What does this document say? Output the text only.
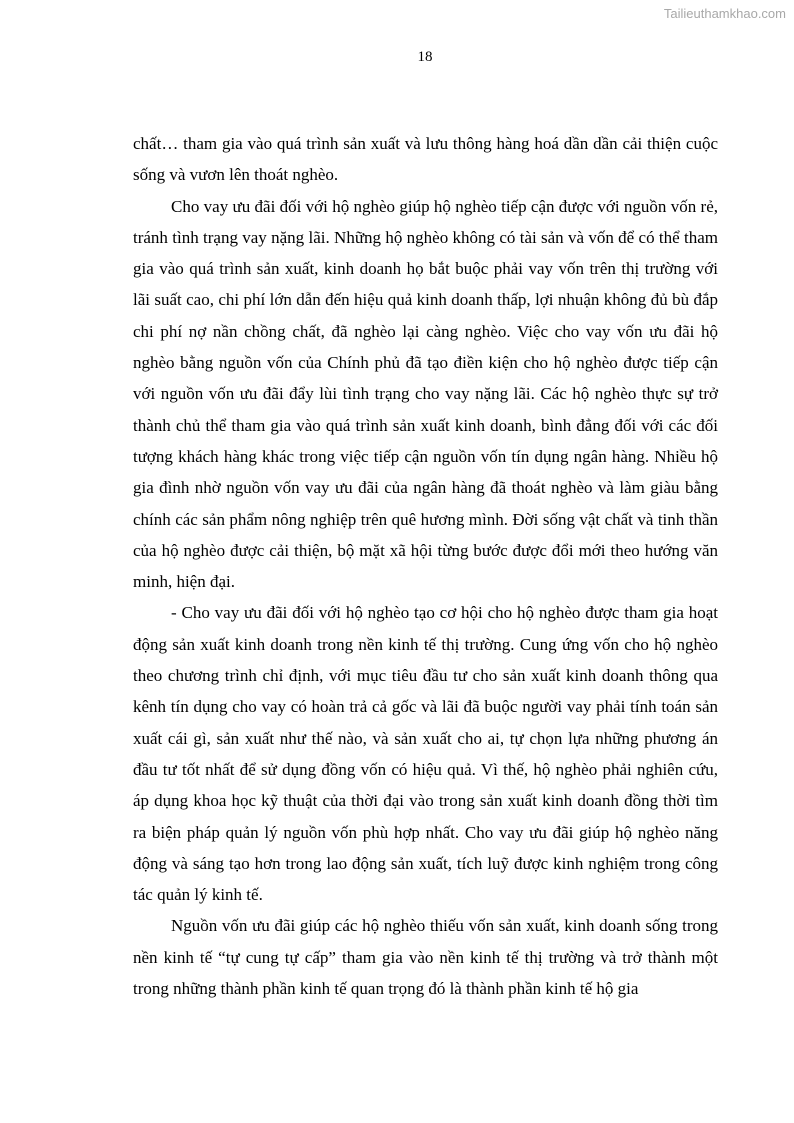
Tailieuthamkhao.com
18

chất… tham gia vào quá trình sản xuất và lưu thông hàng hoá dần dần cải thiện cuộc sống và vươn lên thoát nghèo.

Cho vay ưu đãi đối với hộ nghèo giúp hộ nghèo tiếp cận được với nguồn vốn rẻ, tránh tình trạng vay nặng lãi. Những hộ nghèo không có tài sản và vốn để có thể tham gia vào quá trình sản xuất, kinh doanh họ bắt buộc phải vay vốn trên thị trường với lãi suất cao, chi phí lớn dẫn đến hiệu quả kinh doanh thấp, lợi nhuận không đủ bù đắp chi phí nợ nần chồng chất, đã nghèo lại càng nghèo. Việc cho vay vốn ưu đãi hộ nghèo bằng nguồn vốn của Chính phủ đã tạo điền kiện cho hộ nghèo được tiếp cận với nguồn vốn ưu đãi đẩy lùi tình trạng cho vay nặng lãi. Các hộ nghèo thực sự trở thành chủ thể tham gia vào quá trình sản xuất kinh doanh, bình đẳng đối với các đối tượng khách hàng khác trong việc tiếp cận nguồn vốn tín dụng ngân hàng. Nhiều hộ gia đình nhờ nguồn vốn vay ưu đãi của ngân hàng đã thoát nghèo và làm giàu bằng chính các sản phẩm nông nghiệp trên quê hương mình. Đời sống vật chất và tinh thần của hộ nghèo được cải thiện, bộ mặt xã hội từng bước được đổi mới theo hướng văn minh, hiện đại.

- Cho vay ưu đãi đối với hộ nghèo tạo cơ hội cho hộ nghèo được tham gia hoạt động sản xuất kinh doanh trong nền kinh tế thị trường. Cung ứng vốn cho hộ nghèo theo chương trình chỉ định, với mục tiêu đầu tư cho sản xuất kinh doanh thông qua kênh tín dụng cho vay có hoàn trả cả gốc và lãi đã buộc người vay phải tính toán sản xuất cái gì, sản xuất như thế nào, và sản xuất cho ai, tự chọn lựa những phương án đầu tư tốt nhất để sử dụng đồng vốn có hiệu quả. Vì thế, hộ nghèo phải nghiên cứu, áp dụng khoa học kỹ thuật của thời đại vào trong sản xuất kinh doanh đồng thời tìm ra biện pháp quản lý nguồn vốn phù hợp nhất. Cho vay ưu đãi giúp hộ nghèo năng động và sáng tạo hơn trong lao động sản xuất, tích luỹ được kinh nghiệm trong công tác quản lý kinh tế.

Nguồn vốn ưu đãi giúp các hộ nghèo thiếu vốn sản xuất, kinh doanh sống trong nền kinh tế “tự cung tự cấp” tham gia vào nền kinh tế thị trường và trở thành một trong những thành phần kinh tế quan trọng đó là thành phần kinh tế hộ gia
